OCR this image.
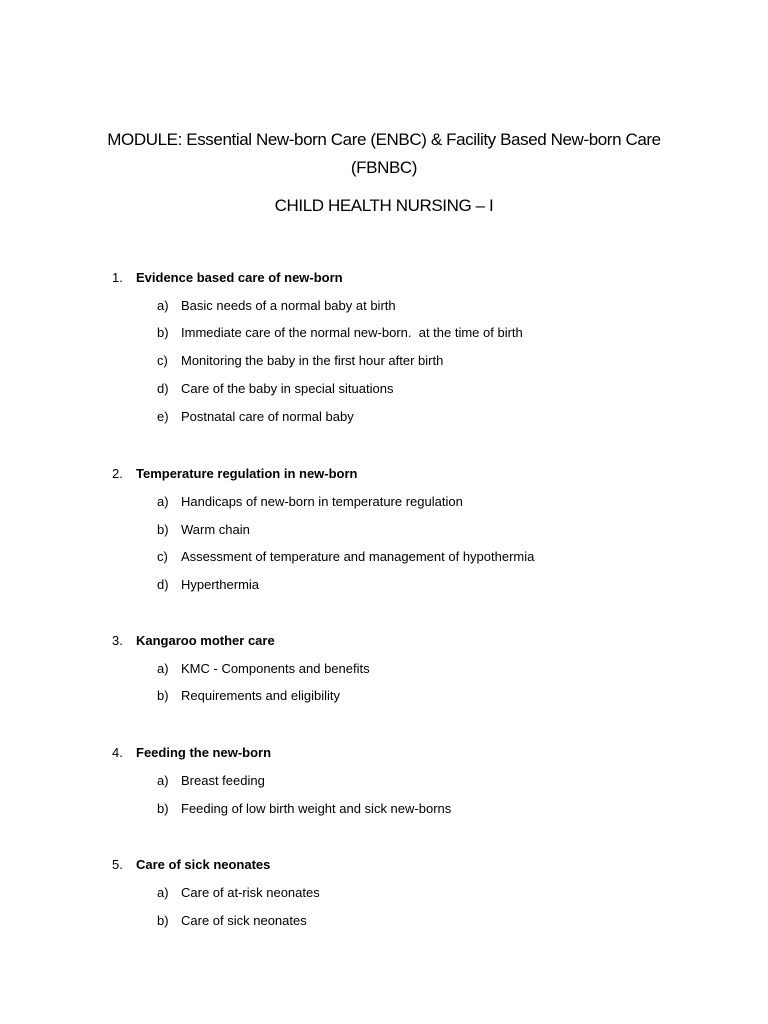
MODULE: Essential New-born Care (ENBC) & Facility Based New-born Care
(FBNBC)
CHILD HEALTH NURSING – I
1. Evidence based care of new-born
a) Basic needs of a normal baby at birth
b) Immediate care of the normal new-born.  at the time of birth
c) Monitoring the baby in the first hour after birth
d) Care of the baby in special situations
e) Postnatal care of normal baby
2. Temperature regulation in new-born
a) Handicaps of new-born in temperature regulation
b) Warm chain
c) Assessment of temperature and management of hypothermia
d) Hyperthermia
3. Kangaroo mother care
a) KMC - Components and benefits
b) Requirements and eligibility
4. Feeding the new-born
a) Breast feeding
b) Feeding of low birth weight and sick new-borns
5. Care of sick neonates
a) Care of at-risk neonates
b) Care of sick neonates
